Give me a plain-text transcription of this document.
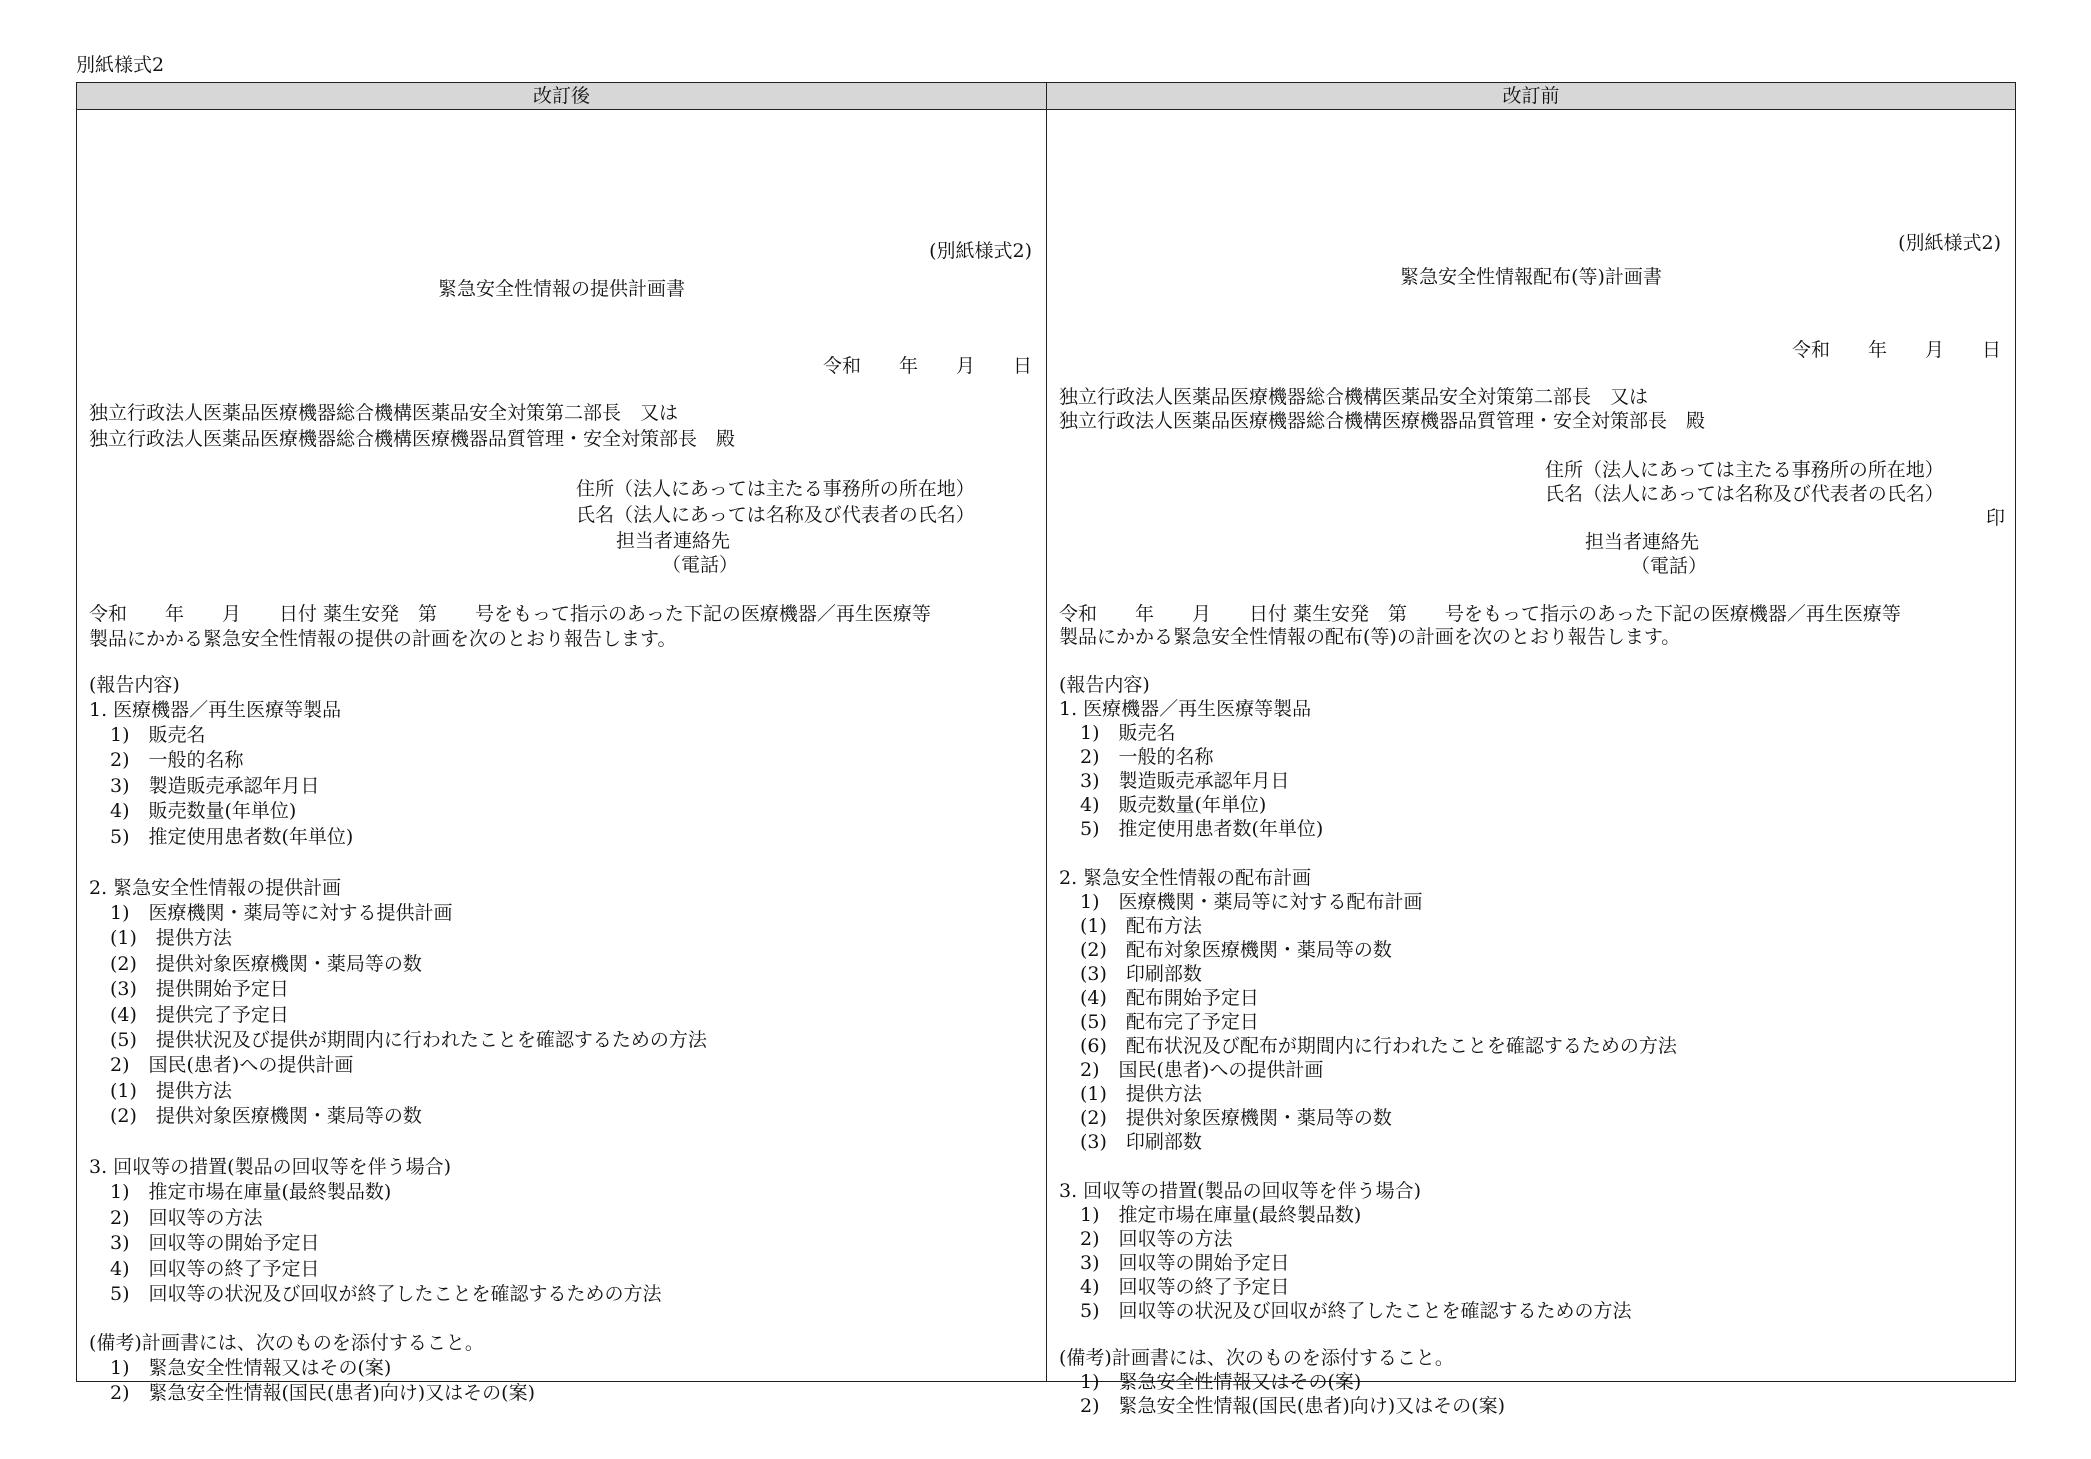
別紙様式2
改訂後	改訂前
(別紙様式2)
緊急安全性情報の提供計画書
令和　　年　　月　　日
独立行政法人医薬品医療機器総合機構医薬品安全対策第二部長　又は
独立行政法人医薬品医療機器総合機構医療機器品質管理・安全対策部長　殿
住所（法人にあっては主たる事務所の所在地）
氏名（法人にあっては名称及び代表者の氏名）
担当者連絡先
（電話）
令和　　年　　月　　日付 薬生安発　第　　号をもって指示のあった下記の医療機器／再生医療等
製品にかかる緊急安全性情報の提供の計画を次のとおり報告します。
(報告内容)
1. 医療機器／再生医療等製品
1)　販売名
2)　一般的名称
3)　製造販売承認年月日
4)　販売数量(年単位)
5)　推定使用患者数(年単位)
2. 緊急安全性情報の提供計画
1)　医療機関・薬局等に対する提供計画
(1)　提供方法
(2)　提供対象医療機関・薬局等の数
(3)　提供開始予定日
(4)　提供完了予定日
(5)　提供状況及び提供が期間内に行われたことを確認するための方法
2)　国民(患者)への提供計画
(1)　提供方法
(2)　提供対象医療機関・薬局等の数
3. 回収等の措置(製品の回収等を伴う場合)
1)　推定市場在庫量(最終製品数)
2)　回収等の方法
3)　回収等の開始予定日
4)　回収等の終了予定日
5)　回収等の状況及び回収が終了したことを確認するための方法
(備考)計画書には、次のものを添付すること。
1)　緊急安全性情報又はその(案)
2)　緊急安全性情報(国民(患者)向け)又はその(案)
(別紙様式2)
緊急安全性情報配布(等)計画書
令和　　年　　月　　日
独立行政法人医薬品医療機器総合機構医薬品安全対策第二部長　又は
独立行政法人医薬品医療機器総合機構医療機器品質管理・安全対策部長　殿
住所（法人にあっては主たる事務所の所在地）
氏名（法人にあっては名称及び代表者の氏名）
印
担当者連絡先
（電話）
令和　　年　　月　　日付 薬生安発　第　　号をもって指示のあった下記の医療機器／再生医療等
製品にかかる緊急安全性情報の配布(等)の計画を次のとおり報告します。
(報告内容)
1. 医療機器／再生医療等製品
1)　販売名
2)　一般的名称
3)　製造販売承認年月日
4)　販売数量(年単位)
5)　推定使用患者数(年単位)
2. 緊急安全性情報の配布計画
1)　医療機関・薬局等に対する配布計画
(1)　配布方法
(2)　配布対象医療機関・薬局等の数
(3)　印刷部数
(4)　配布開始予定日
(5)　配布完了予定日
(6)　配布状況及び配布が期間内に行われたことを確認するための方法
2)　国民(患者)への提供計画
(1)　提供方法
(2)　提供対象医療機関・薬局等の数
(3)　印刷部数
3. 回収等の措置(製品の回収等を伴う場合)
1)　推定市場在庫量(最終製品数)
2)　回収等の方法
3)　回収等の開始予定日
4)　回収等の終了予定日
5)　回収等の状況及び回収が終了したことを確認するための方法
(備考)計画書には、次のものを添付すること。
1)　緊急安全性情報又はその(案)
2)　緊急安全性情報(国民(患者)向け)又はその(案)
